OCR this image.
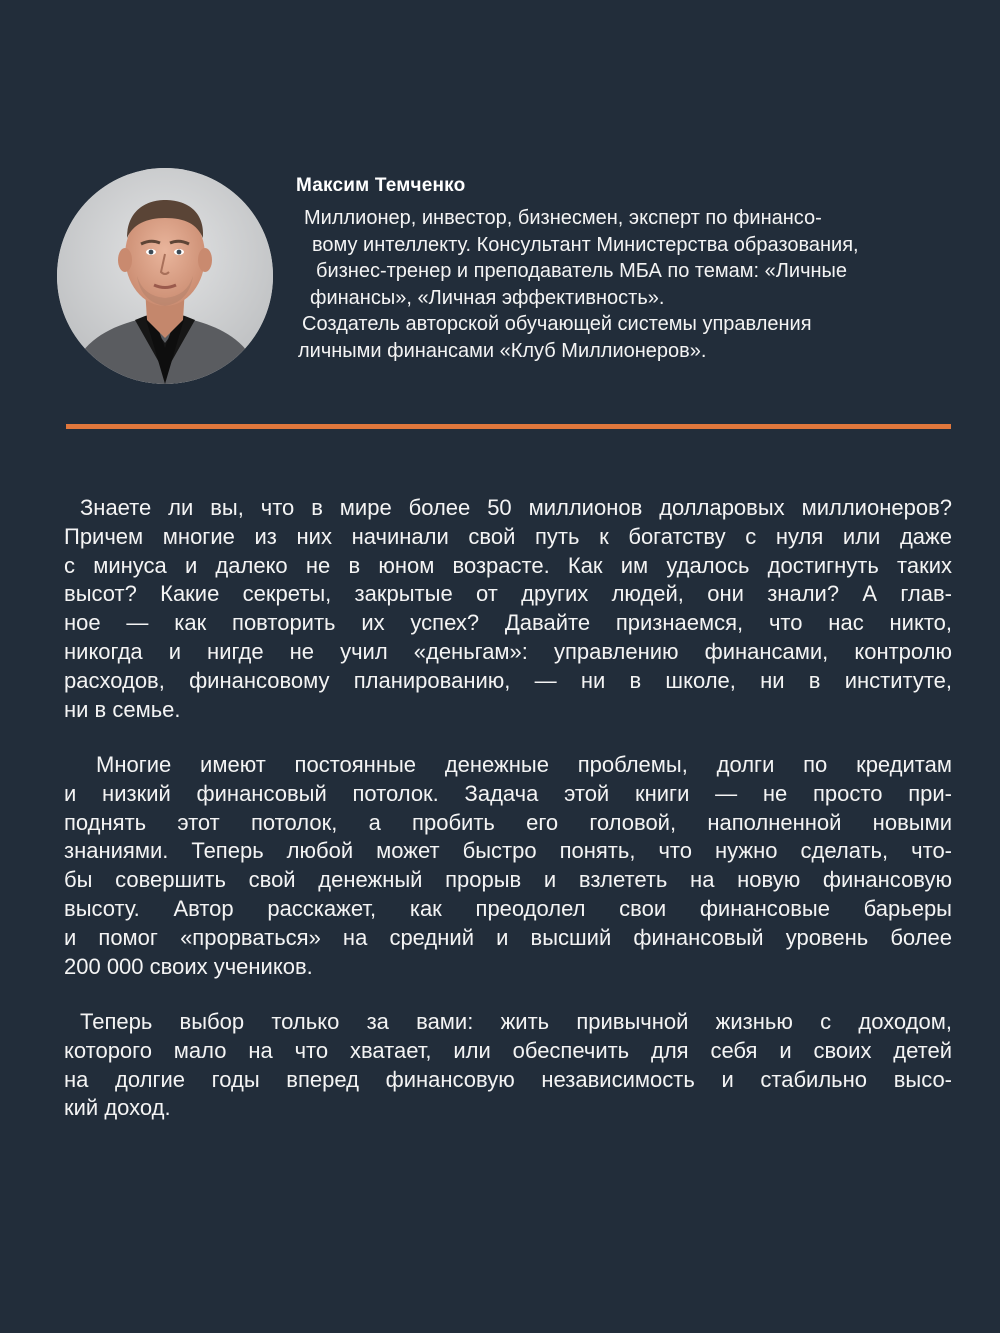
Максим Темченко
Миллионер, инвестор, бизнесмен, эксперт по финансо-
вому интеллекту. Консультант Министерства образования,
бизнес-тренер и преподаватель МБА по темам: «Личные
финансы», «Личная эффективность».
Создатель авторской обучающей системы управления
личными финансами «Клуб Миллионеров».
Знаете ли вы, что в мире более 50 миллионов долларовых миллионеров?
Причем многие из них начинали свой путь к богатству с нуля или даже
с минуса и далеко не в юном возрасте. Как им удалось достигнуть таких
высот? Какие секреты, закрытые от других людей, они знали? А глав-
ное — как повторить их успех? Давайте признаемся, что нас никто,
никогда и нигде не учил «деньгам»: управлению финансами, контролю
расходов, финансовому планированию, — ни в школе, ни в институте,
ни в семье.
Многие имеют постоянные денежные проблемы, долги по кредитам
и низкий финансовый потолок. Задача этой книги — не просто при-
поднять этот потолок, а пробить его головой, наполненной новыми
знаниями. Теперь любой может быстро понять, что нужно сделать, что-
бы совершить свой денежный прорыв и взлететь на новую финансовую
высоту. Автор расскажет, как преодолел свои финансовые барьеры
и помог «прорваться» на средний и высший финансовый уровень более
200 000 своих учеников.
Теперь выбор только за вами: жить привычной жизнью с доходом,
которого мало на что хватает, или обеспечить для себя и своих детей
на долгие годы вперед финансовую независимость и стабильно высо-
кий доход.
